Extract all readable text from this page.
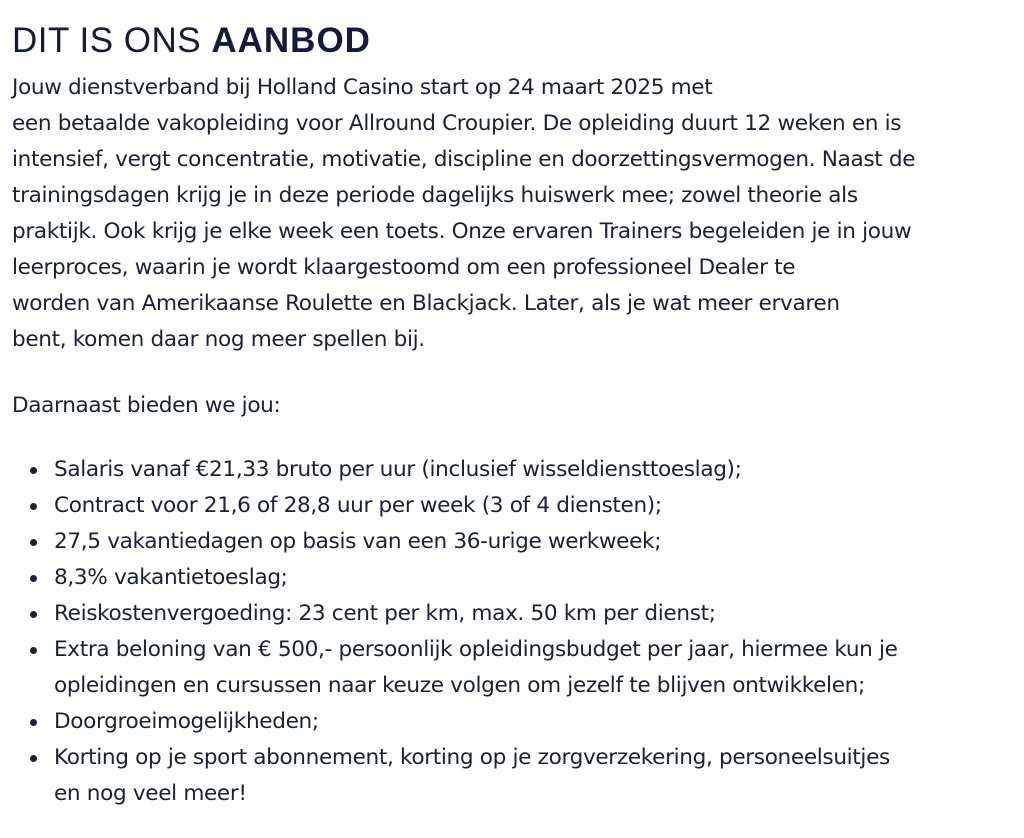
DIT IS ONS AANBOD

Jouw dienstverband bij Holland Casino start op 24 maart 2025 met
een betaalde vakopleiding voor Allround Croupier. De opleiding duurt 12 weken en is
intensief, vergt concentratie, motivatie, discipline en doorzettingsvermogen. Naast de
trainingsdagen krijg je in deze periode dagelijks huiswerk mee; zowel theorie als
praktijk. Ook krijg je elke week een toets. Onze ervaren Trainers begeleiden je in jouw
leerproces, waarin je wordt klaargestoomd om een professioneel Dealer te
worden van Amerikaanse Roulette en Blackjack. Later, als je wat meer ervaren
bent, komen daar nog meer spellen bij.

Daarnaast bieden we jou:

Salaris vanaf €21,33 bruto per uur (inclusief wisseldiensttoeslag);
Contract voor 21,6 of 28,8 uur per week (3 of 4 diensten);
27,5 vakantiedagen op basis van een 36-urige werkweek;
8,3% vakantietoeslag;
Reiskostenvergoeding: 23 cent per km, max. 50 km per dienst;
Extra beloning van € 500,- persoonlijk opleidingsbudget per jaar, hiermee kun je
opleidingen en cursussen naar keuze volgen om jezelf te blijven ontwikkelen;
Doorgroeimogelijkheden;
Korting op je sport abonnement, korting op je zorgverzekering, personeelsuitjes
en nog veel meer!
